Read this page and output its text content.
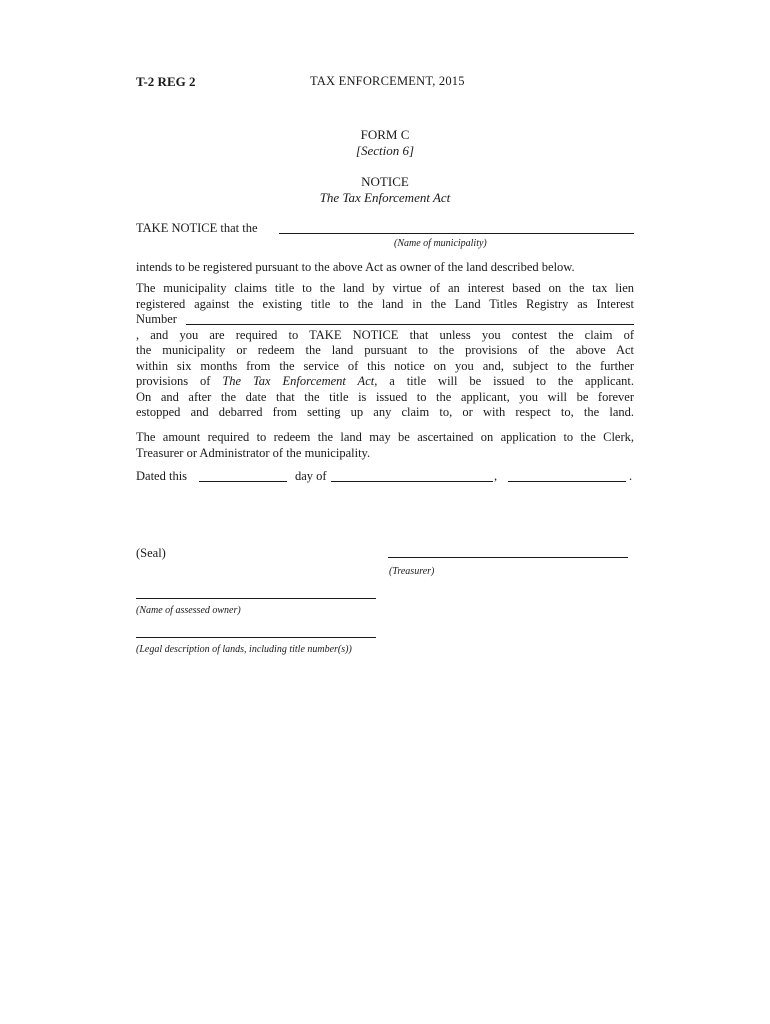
T-2 REG 2	TAX ENFORCEMENT, 2015
FORM C
[Section 6]
NOTICE
The Tax Enforcement Act
TAKE NOTICE that the
(Name of municipality)
intends to be registered pursuant to the above Act as owner of the land described below.
The municipality claims title to the land by virtue of an interest based on the tax lien
registered against the existing title to the land in the Land Titles Registry as Interest
Number
, and you are required to TAKE NOTICE that unless you contest the claim of
the municipality or redeem the land pursuant to the provisions of the above Act
within six months from the service of this notice on you and, subject to the further
provisions of The Tax Enforcement Act, a title will be issued to the applicant.
On and after the date that the title is issued to the applicant, you will be forever
estopped and debarred from setting up any claim to, or with respect to, the land.
The amount required to redeem the land may be ascertained on application to the Clerk,
Treasurer or Administrator of the municipality.
Dated this	day of	,	.
(Seal)
(Treasurer)
(Name of assessed owner)
(Legal description of lands, including title number(s))
